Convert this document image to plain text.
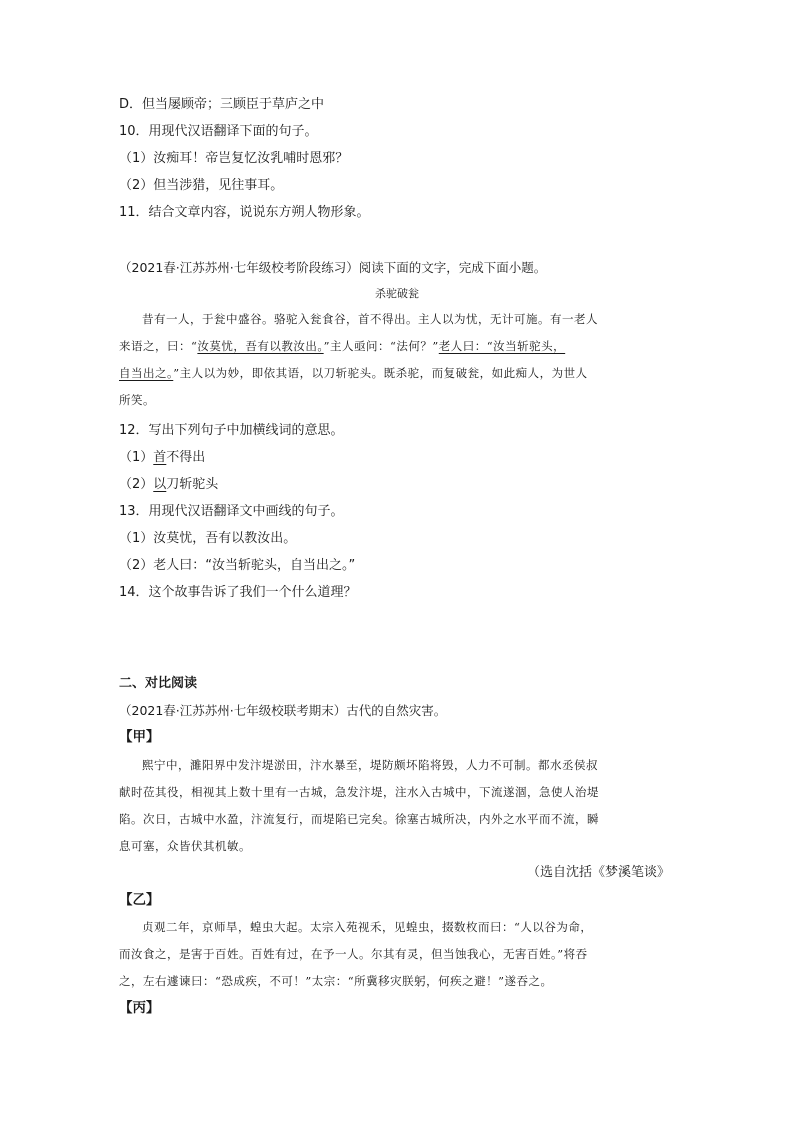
D．但当屡顾帝；三顾臣于草庐之中
10．用现代汉语翻译下面的句子。
（1）汝痴耳！帝岂复忆汝乳哺时恩邪？
（2）但当涉猎，见往事耳。
11．结合文章内容，说说东方朔人物形象。
（2021春·江苏苏州·七年级校考阶段练习）阅读下面的文字，完成下面小题。
杀驼破瓮
昔有一人，于瓮中盛谷。骆驼入瓮食谷，首不得出。主人以为忧，无计可施。有一老人
来语之，曰：“汝莫忧，吾有以教汝出。”主人亟问：“法何？”老人曰：“汝当斩驼头，
自当出之。”主人以为妙，即依其语，以刀斩驼头。既杀驼，而复破瓮，如此痴人，为世人
所笑。
12．写出下列句子中加横线词的意思。
（1）首不得出
（2）以刀斩驼头
13．用现代汉语翻译文中画线的句子。
（1）汝莫忧，吾有以教汝出。
（2）老人曰：“汝当斩驼头，自当出之。”
14．这个故事告诉了我们一个什么道理？
二、对比阅读
（2021春·江苏苏州·七年级校联考期末）古代的自然灾害。
【甲】
熙宁中，濉阳界中发汴堤淤田，汴水暴至，堤防颇坏陷将毁，人力不可制。都水丞侯叔
献时莅其役，相视其上数十里有一古城，急发汴堤，注水入古城中，下流遂涸，急使人治堤
陷。次日，古城中水盈，汴流复行，而堤陷已完矣。徐塞古城所决，内外之水平而不流，瞬
息可塞，众皆伏其机敏。
（选自沈括《梦溪笔谈》
【乙】
贞观二年，京师旱，蝗虫大起。太宗入苑视禾，见蝗虫，掇数枚而曰：“人以谷为命，
而汝食之，是害于百姓。百姓有过，在予一人。尔其有灵，但当蚀我心，无害百姓。”将吞
之，左右遽谏曰：“恐成疾，不可！”太宗：“所冀移灾朕躬，何疾之避！”遂吞之。
【丙】
